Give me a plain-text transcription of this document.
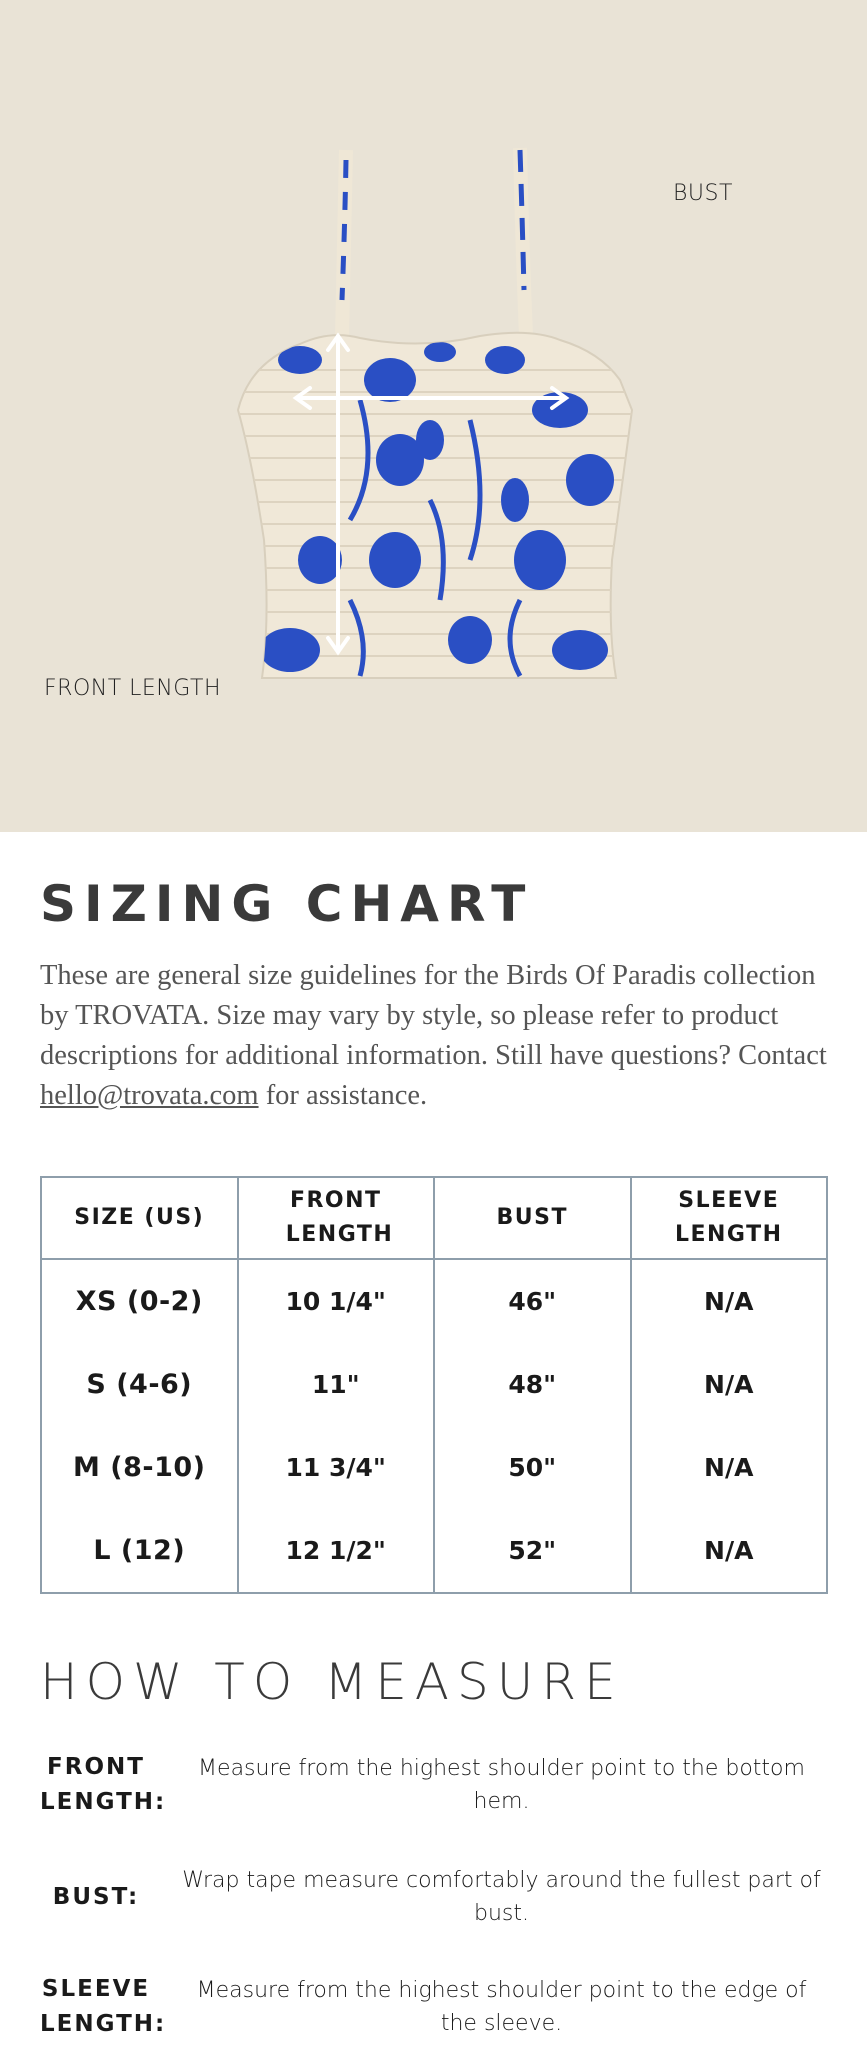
BUST
FRONT LENGTH
SIZING CHART

These are general size guidelines for the Birds Of Paradis collection by TROVATA. Size may vary by style, so please refer to product descriptions for additional information. Still have questions? Contact hello@trovata.com for assistance.

SIZE (US)	FRONT LENGTH	BUST	SLEEVE LENGTH
XS (0-2)	10 1/4"	46"	N/A
S (4-6)	11"	48"	N/A
M (8-10)	11 3/4"	50"	N/A
L (12)	12 1/2"	52"	N/A
HOW TO MEASURE
FRONT LENGTH:
Measure from the highest shoulder point to the bottom hem.
BUST:
Wrap tape measure comfortably around the fullest part of bust.
SLEEVE LENGTH:
Measure from the highest shoulder point to the edge of the sleeve.
